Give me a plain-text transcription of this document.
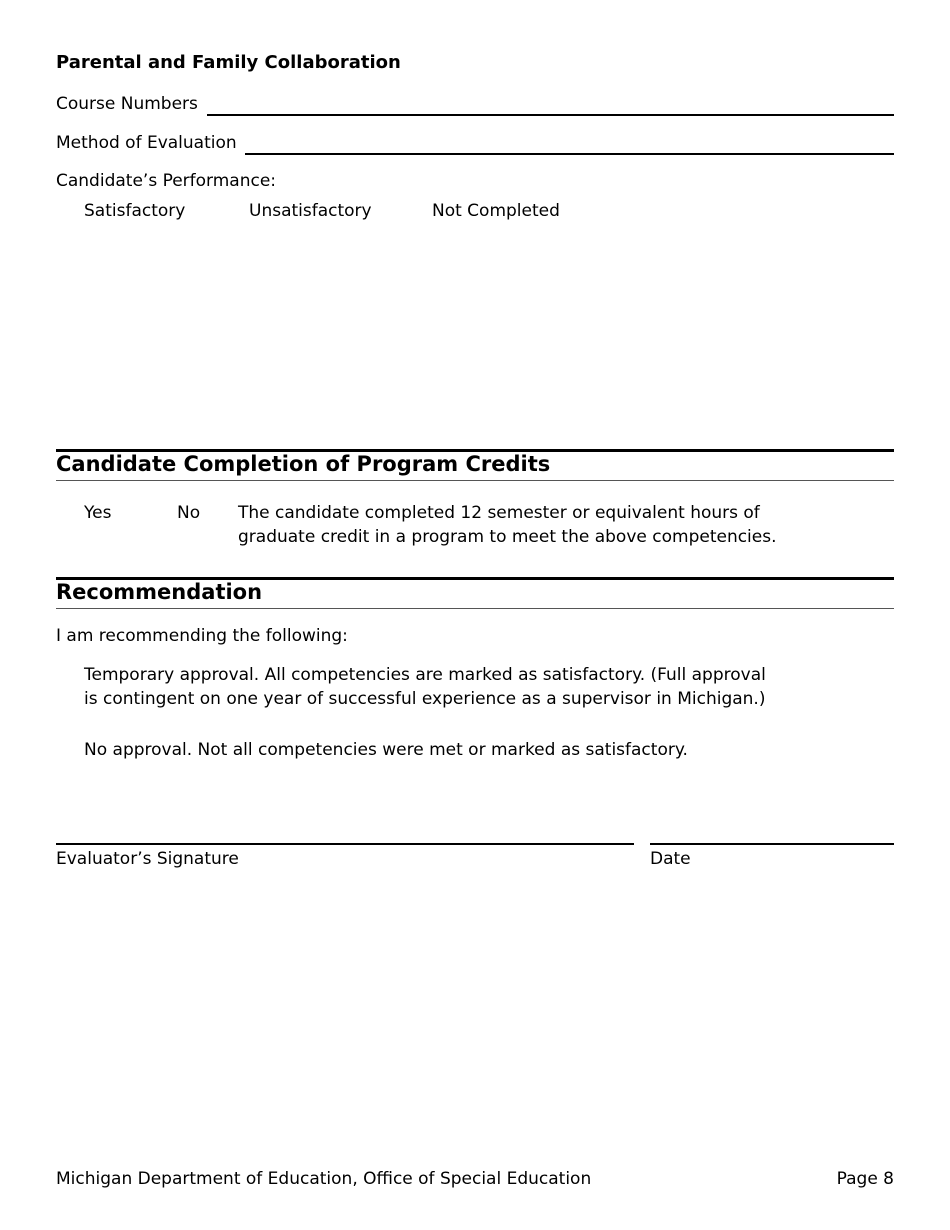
Parental and Family Collaboration
Course Numbers
Method of Evaluation
Candidate’s Performance:
Satisfactory	Unsatisfactory	Not Completed
Candidate Completion of Program Credits
Yes	No The candidate completed 12 semester or equivalent hours of graduate credit in a program to meet the above competencies.
Recommendation
I am recommending the following:
Temporary approval. All competencies are marked as satisfactory. (Full approval is contingent on one year of successful experience as a supervisor in Michigan.)
No approval. Not all competencies were met or marked as satisfactory.
Evaluator’s Signature	Date
Michigan Department of Education, Office of Special Education	Page 8
